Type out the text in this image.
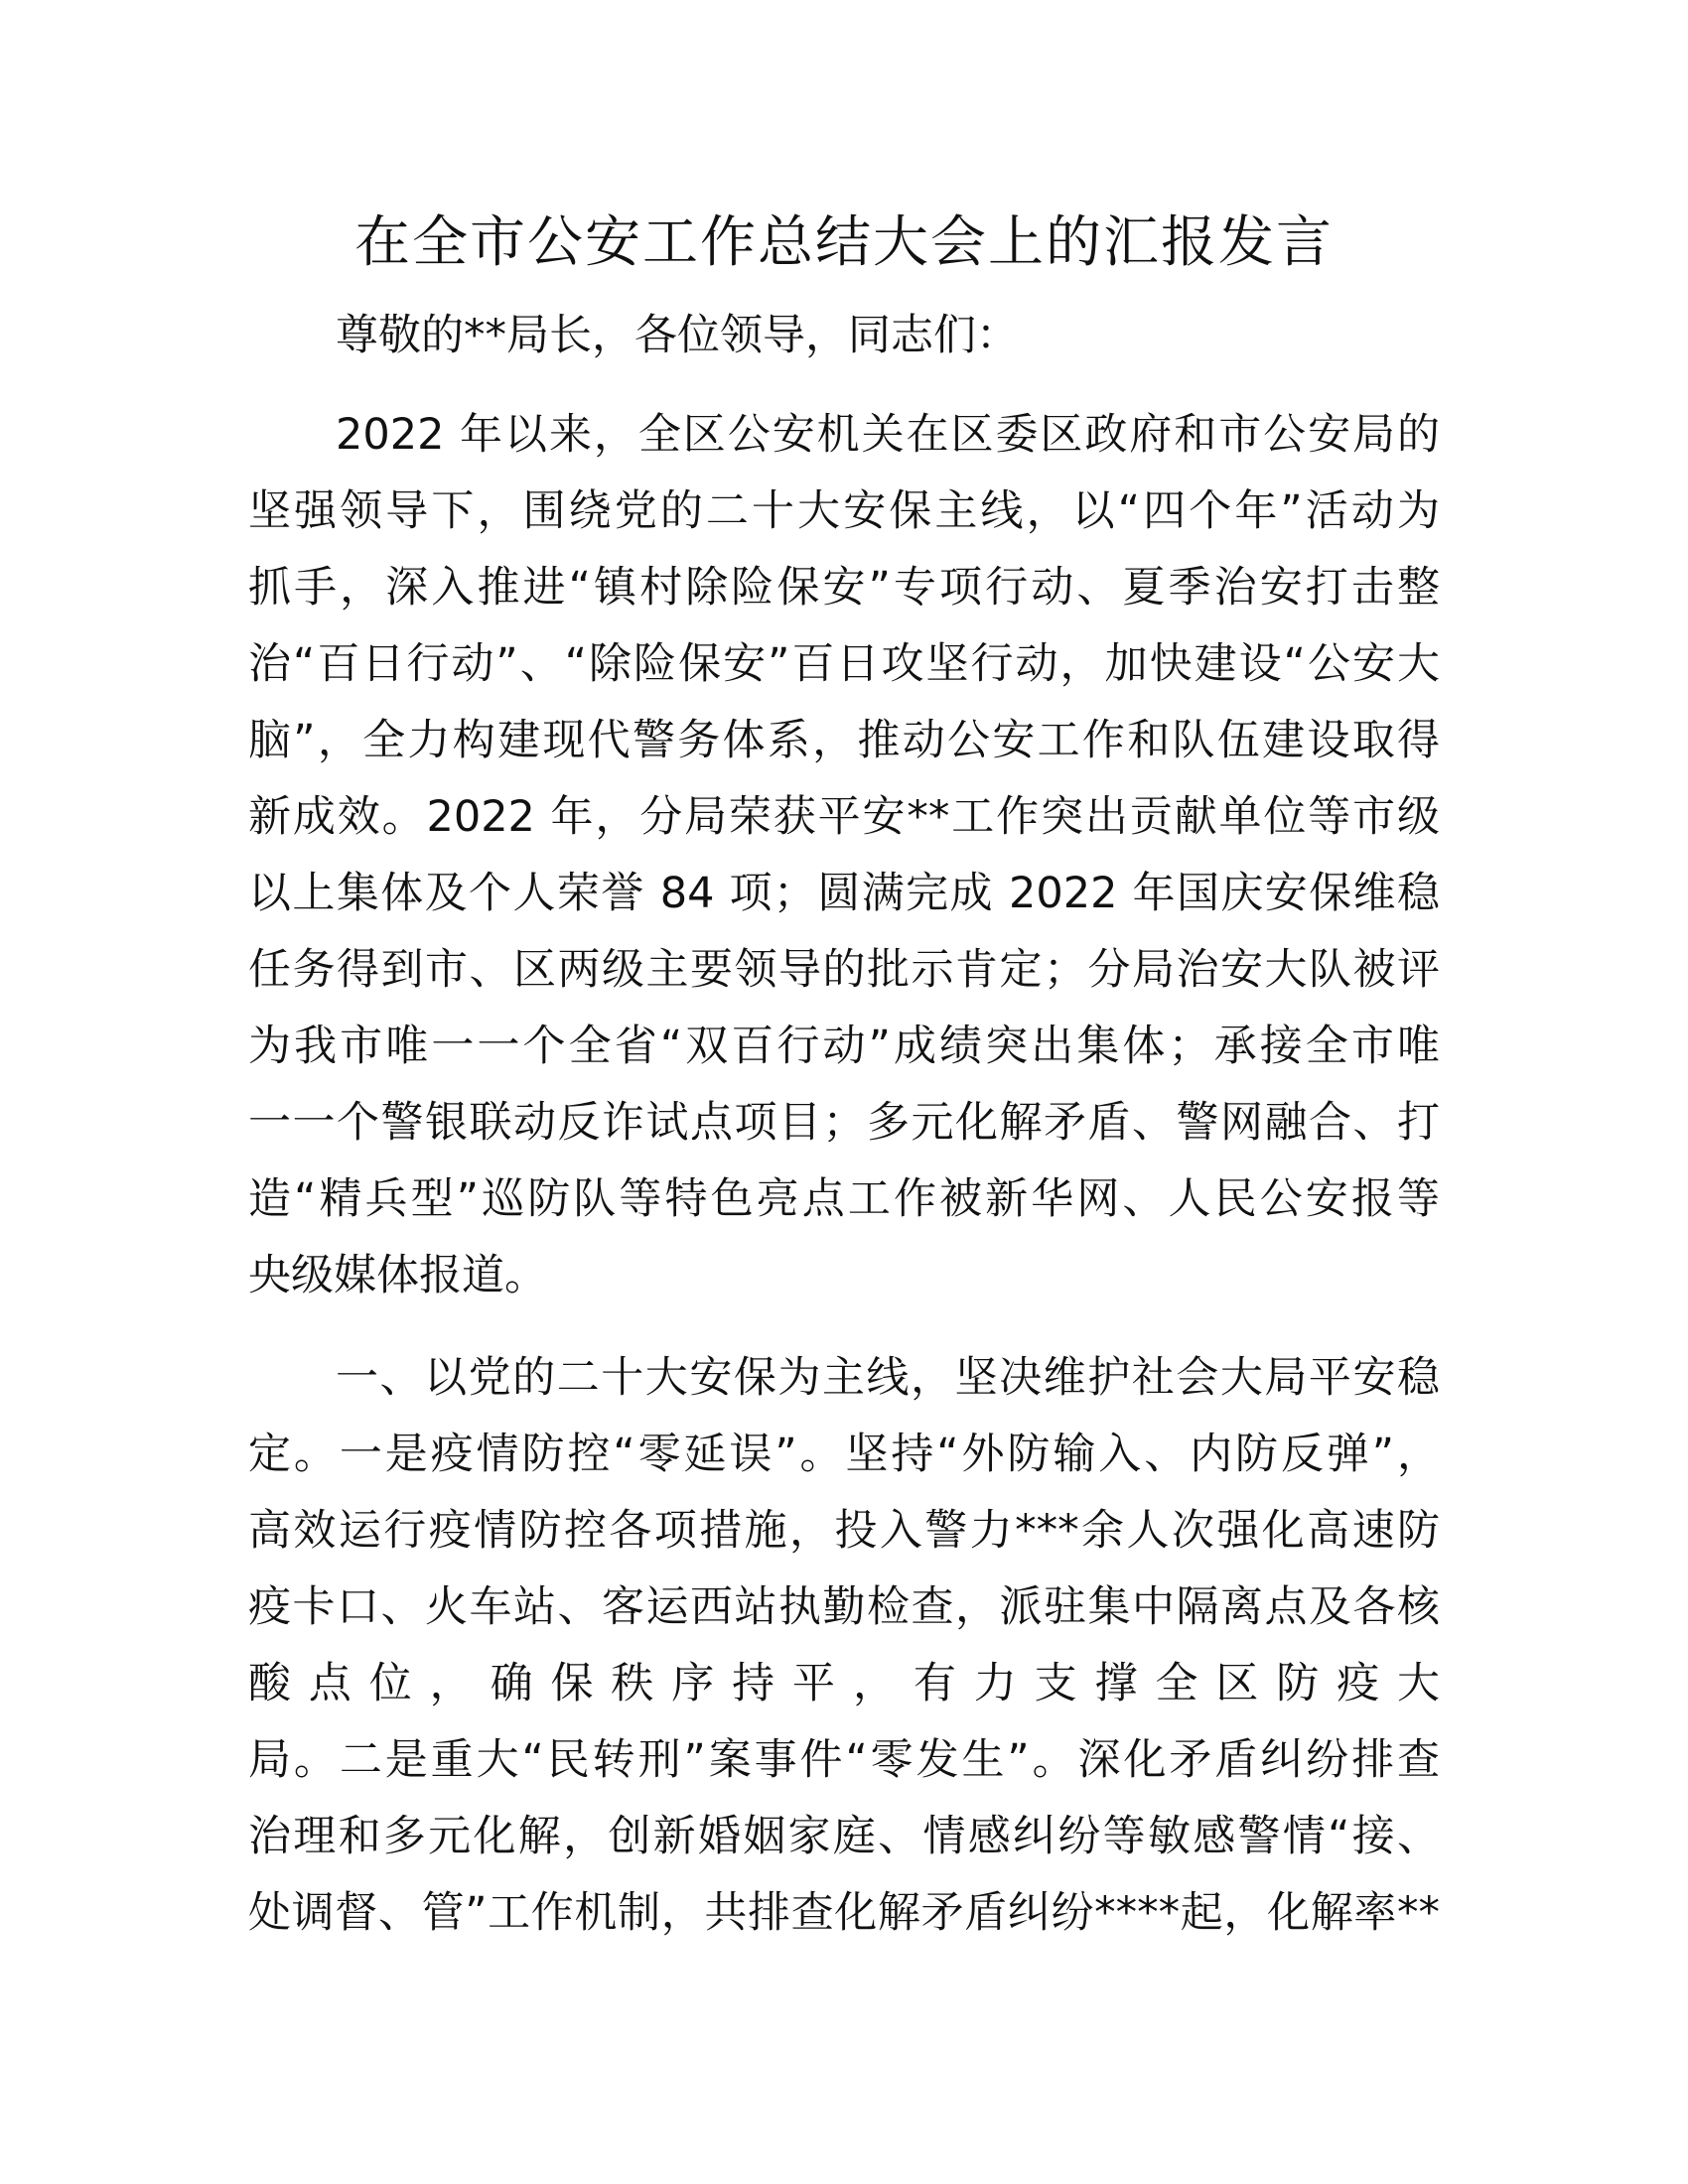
在全市公安工作总结大会上的汇报发言
尊敬的**局长，各位领导，同志们：
2022 年以来，全区公安机关在区委区政府和市公安局的
坚强领导下，围绕党的二十大安保主线，以“四个年”活动为
抓手，深入推进“镇村除险保安”专项行动、夏季治安打击整
治“百日行动”、“除险保安”百日攻坚行动，加快建设“公安大
脑”，全力构建现代警务体系，推动公安工作和队伍建设取得
新成效。2022 年，分局荣获平安**工作突出贡献单位等市级
以上集体及个人荣誉 84 项；圆满完成 2022 年国庆安保维稳
任务得到市、区两级主要领导的批示肯定；分局治安大队被评
为我市唯一一个全省“双百行动”成绩突出集体；承接全市唯
一一个警银联动反诈试点项目；多元化解矛盾、警网融合、打
造“精兵型”巡防队等特色亮点工作被新华网、人民公安报等
央级媒体报道。
一、以党的二十大安保为主线，坚决维护社会大局平安稳
定。一是疫情防控“零延误”。坚持“外防输入、内防反弹”，
高效运行疫情防控各项措施，投入警力***余人次强化高速防
疫卡口、火车站、客运西站执勤检查，派驻集中隔离点及各核
酸点位，确保秩序持平，有力支撑全区防疫大
局。二是重大“民转刑”案事件“零发生”。深化矛盾纠纷排查
治理和多元化解，创新婚姻家庭、情感纠纷等敏感警情“接、
处调督、管”工作机制，共排查化解矛盾纠纷****起，化解率**
